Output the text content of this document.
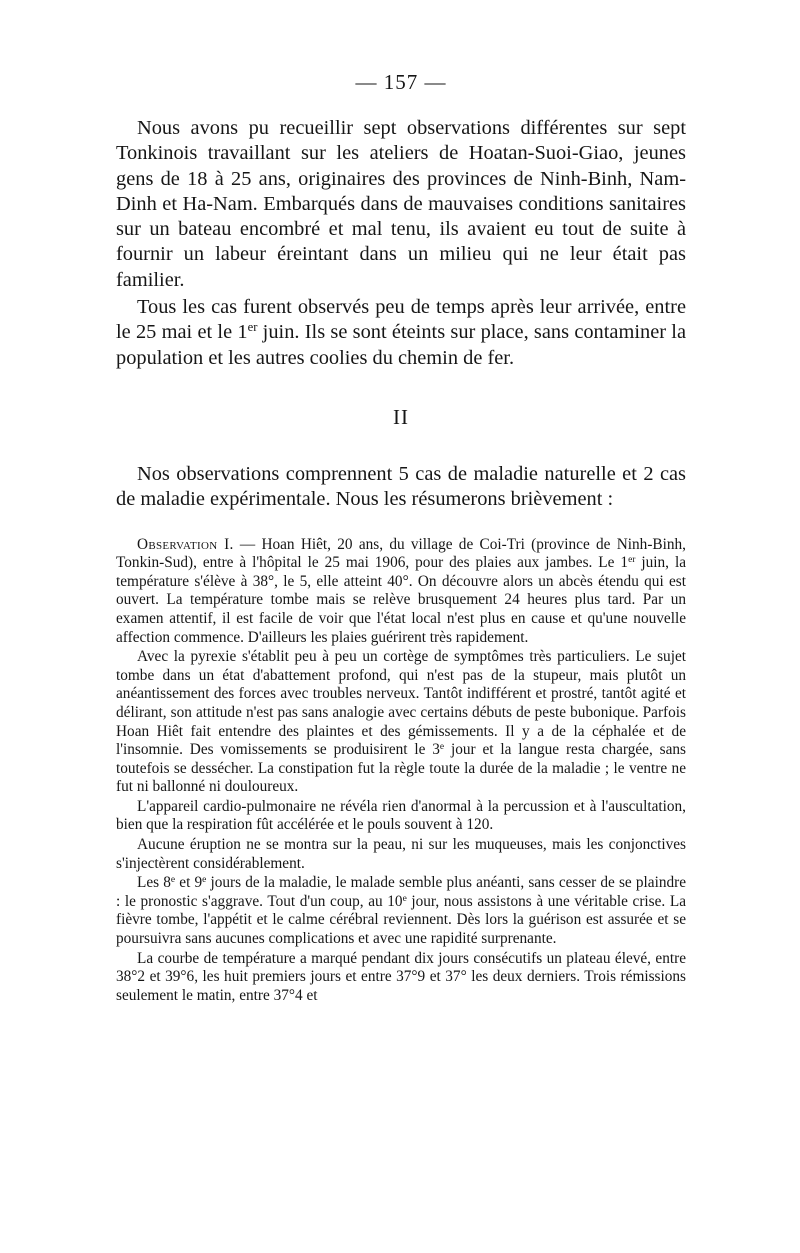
— 157 —

Nous avons pu recueillir sept observations différentes sur sept Tonkinois travaillant sur les ateliers de Hoatan-Suoi-Giao, jeunes gens de 18 à 25 ans, originaires des provinces de Ninh-Binh, Nam-Dinh et Ha-Nam. Embarqués dans de mauvaises conditions sanitaires sur un bateau encombré et mal tenu, ils avaient eu tout de suite à fournir un labeur éreintant dans un milieu qui ne leur était pas familier.

Tous les cas furent observés peu de temps après leur arrivée, entre le 25 mai et le 1er juin. Ils se sont éteints sur place, sans contaminer la population et les autres coolies du chemin de fer.

II

Nos observations comprennent 5 cas de maladie naturelle et 2 cas de maladie expérimentale. Nous les résumerons brièvement :

Observation I. — Hoan Hiêt, 20 ans, du village de Coi-Tri (province de Ninh-Binh, Tonkin-Sud), entre à l'hôpital le 25 mai 1906, pour des plaies aux jambes. Le 1er juin, la température s'élève à 38°, le 5, elle atteint 40°. On découvre alors un abcès étendu qui est ouvert. La température tombe mais se relève brusquement 24 heures plus tard. Par un examen attentif, il est facile de voir que l'état local n'est plus en cause et qu'une nouvelle affection commence. D'ailleurs les plaies guérirent très rapidement.

Avec la pyrexie s'établit peu à peu un cortège de symptômes très particuliers. Le sujet tombe dans un état d'abattement profond, qui n'est pas de la stupeur, mais plutôt un anéantissement des forces avec troubles nerveux. Tantôt indifférent et prostré, tantôt agité et délirant, son attitude n'est pas sans analogie avec certains débuts de peste bubonique. Parfois Hoan Hiêt fait entendre des plaintes et des gémissements. Il y a de la céphalée et de l'insomnie. Des vomissements se produisirent le 3e jour et la langue resta chargée, sans toutefois se dessécher. La constipation fut la règle toute la durée de la maladie ; le ventre ne fut ni ballonné ni douloureux.

L'appareil cardio-pulmonaire ne révéla rien d'anormal à la percussion et à l'auscultation, bien que la respiration fût accélérée et le pouls souvent à 120.

Aucune éruption ne se montra sur la peau, ni sur les muqueuses, mais les conjonctives s'injectèrent considérablement.

Les 8e et 9e jours de la maladie, le malade semble plus anéanti, sans cesser de se plaindre : le pronostic s'aggrave. Tout d'un coup, au 10e jour, nous assistons à une véritable crise. La fièvre tombe, l'appétit et le calme cérébral reviennent. Dès lors la guérison est assurée et se poursuivra sans aucunes complications et avec une rapidité surprenante.

La courbe de température a marqué pendant dix jours consécutifs un plateau élevé, entre 38°2 et 39°6, les huit premiers jours et entre 37°9 et 37° les deux derniers. Trois rémissions seulement le matin, entre 37°4 et
